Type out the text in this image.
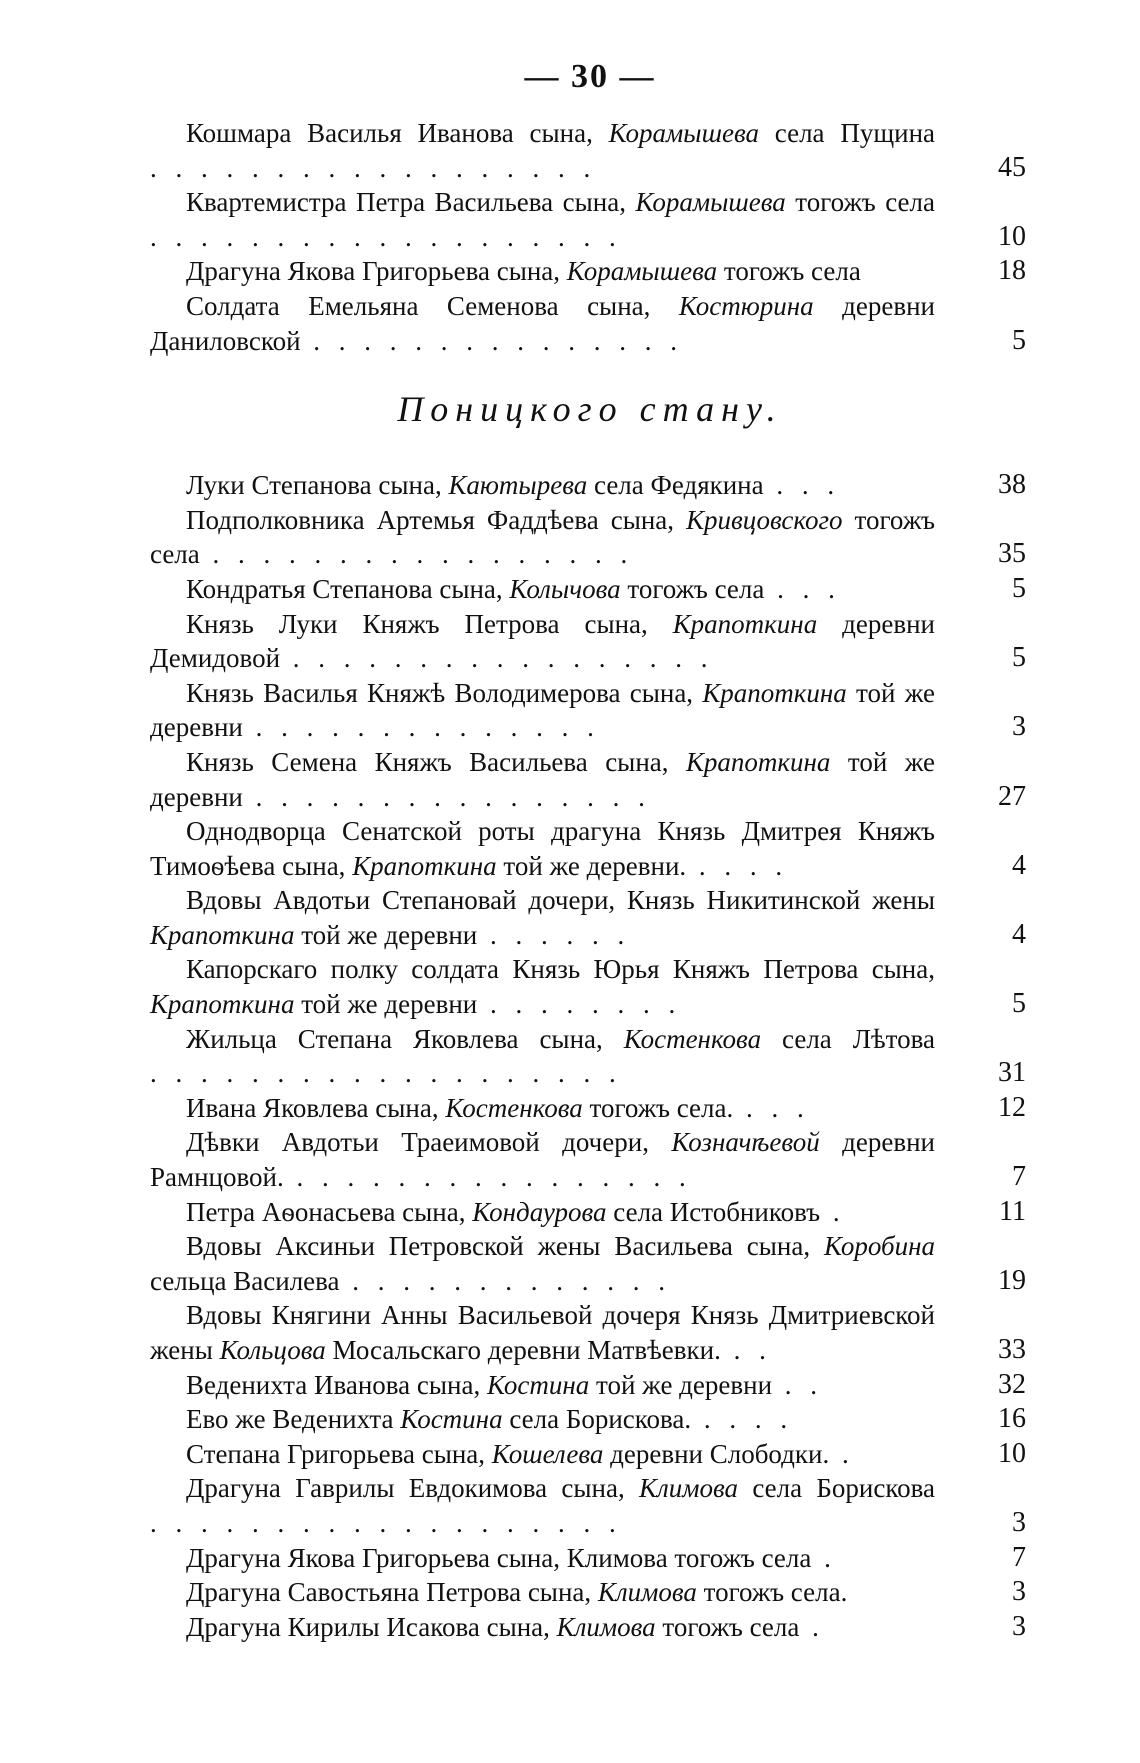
— 30 —
Кошмара Василья Иванова сына, Корамышева села Пущина . . . . . . . . . . . . . . . . . .	45
Квартемистра Петра Васильева сына, Корамышева тогожъ села . . . . . . . . . . . . . . . . . . .	10
Драгуна Якова Григорьева сына, Корамышева тогожъ села	18
Солдата Емельяна Семенова сына, Костюрина деревни Даниловской . . . . . . . . . . . . . . .	5
Поницкого стану.
Луки Степанова сына, Каютырева села Федякина . . .	38
Подполковника Артемья Фаддѣева сына, Кривцовского тогожъ села . . . . . . . . . . . . . . . . .	35
Кондратья Степанова сына, Колычова тогожъ села . . .	5
Князь Луки Княжъ Петрова сына, Крапоткина деревни Демидовой . . . . . . . . . . . . . . . . .	5
Князь Василья Княжѣ Володимерова сына, Крапоткина той же деревни . . . . . . . . . . . . . .	3
Князь Семена Княжъ Васильева сына, Крапоткина той же деревни . . . . . . . . . . . . . . . .	27
Однодворца Сенатской роты драгуна Князь Дмитрея Княжъ Тимоѳѣева сына, Крапоткина той же деревни. . . . .	4
Вдовы Авдотьи Степановай дочери, Князь Никитинской жены Крапоткина той же деревни . . . . . .	4
Капорскаго полку солдата Князь Юрья Княжъ Петрова сына, Крапоткина той же деревни . . . . . . . .	5
Жильца Степана Яковлева сына, Костенкова села Лѣтова . . . . . . . . . . . . . . . . . . .	31
Ивана Яковлева сына, Костенкова тогожъ села. . . .	12
Дѣвки Авдотьи Траеимовой дочери, Козначѣевой деревни Рамнцовой. . . . . . . . . . . . . . . . .	7
Петра Аѳонасьева сына, Кондаурова села Истобниковъ .	11
Вдовы Аксиньи Петровской жены Васильева сына, Коробина сельца Василева . . . . . . . . . . . . .	19
Вдовы Княгини Анны Васильевой дочеря Князь Дмитриевской жены Кольцова Мосальскаго деревни Матвѣевки. . .	33
Веденихта Иванова сына, Костина той же деревни . .	32
Ево же Веденихта Костина села Борискова. . . . .	16
Степана Григорьева сына, Кошелева деревни Слободки. .	10
Драгуна Гаврилы Евдокимова сына, Климова села Борискова . . . . . . . . . . . . . . . . . . .	3
Драгуна Якова Григорьева сына, Климова тогожъ села .	7
Драгуна Савостьяна Петрова сына, Климова тогожъ села.	3
Драгуна Кирилы Исакова сына, Климова тогожъ села .	3
